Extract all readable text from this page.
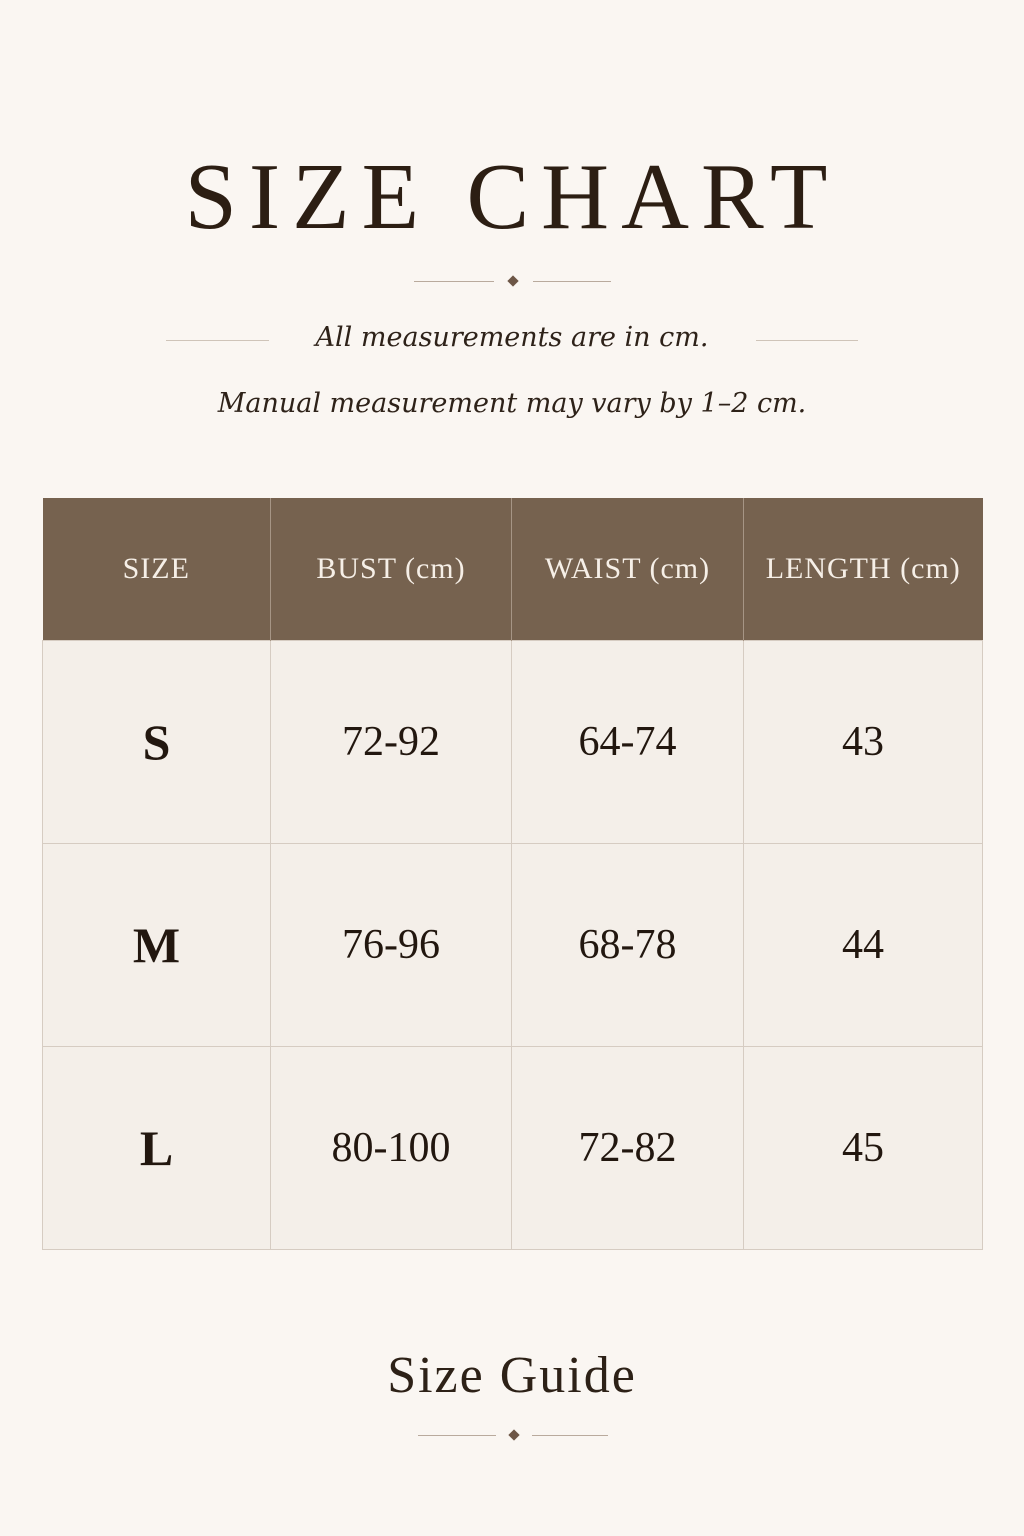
SIZE CHART

All measurements are in cm.

Manual measurement may vary by 1–2 cm.

SIZE	BUST (cm)	WAIST (cm)	LENGTH (cm)
S	72-92	64-74	43
M	76-96	68-78	44
L	80-100	72-82	45
Size Guide
